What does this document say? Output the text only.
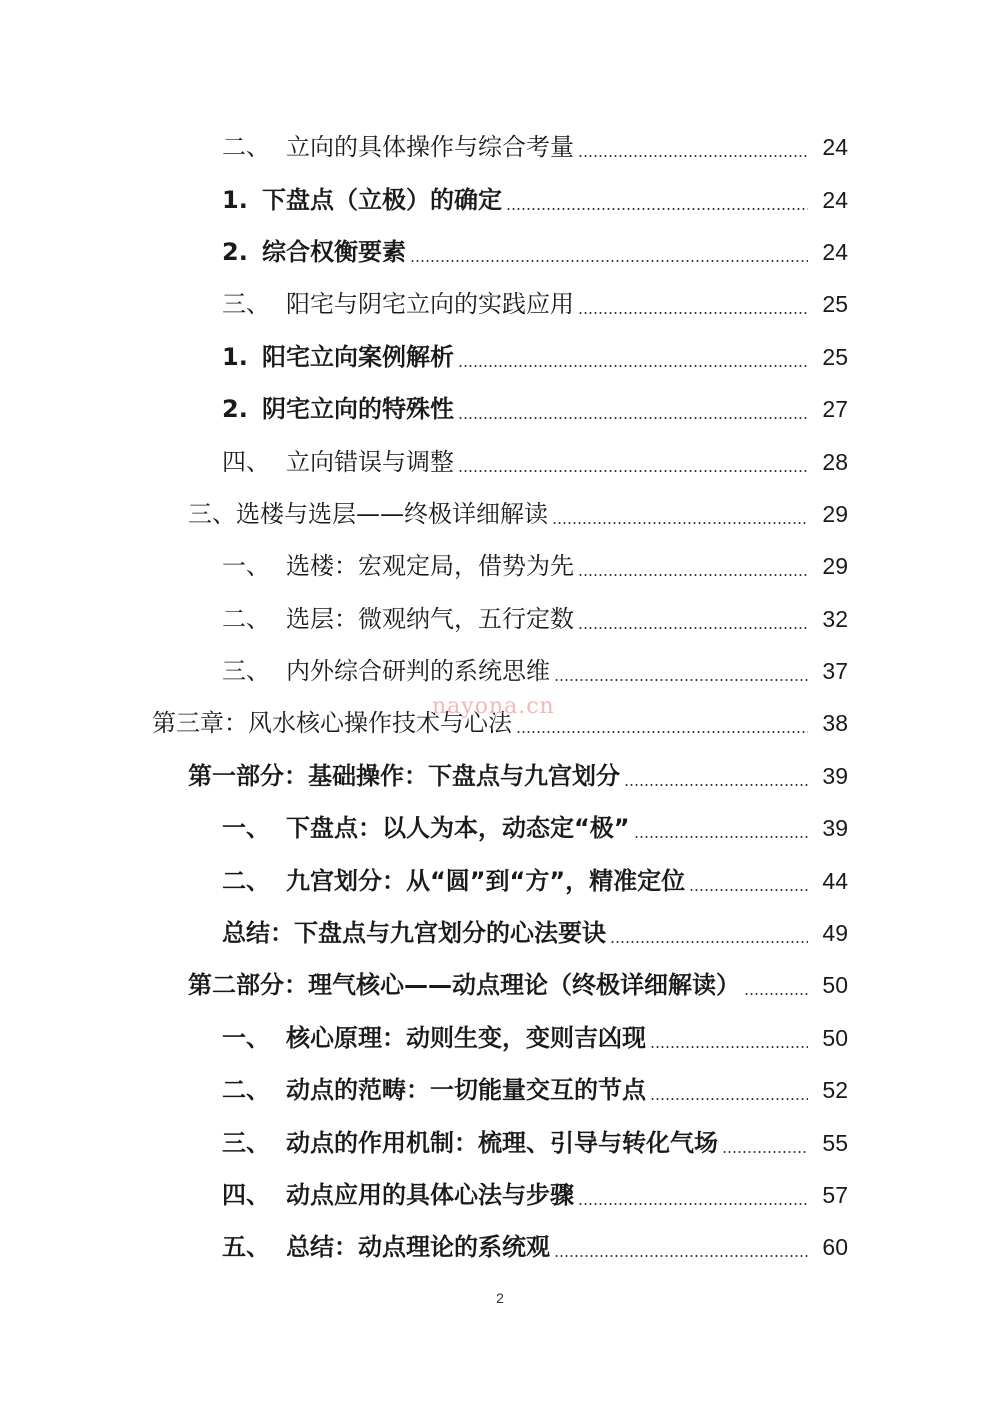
二、 立向的具体操作与综合考量	24
1. 下盘点（立极）的确定	24
2. 综合权衡要素	24
三、 阳宅与阴宅立向的实践应用	25
1. 阳宅立向案例解析	25
2. 阴宅立向的特殊性	27
四、 立向错误与调整	28
三、选楼与选层——终极详细解读	29
一、 选楼：宏观定局，借势为先	29
二、 选层：微观纳气，五行定数	32
三、 内外综合研判的系统思维	37
第三章：风水核心操作技术与心法	38
第一部分：基础操作：下盘点与九宫划分	39
一、 下盘点：以人为本，动态定“极”	39
二、 九宫划分：从“圆”到“方”，精准定位	44
总结：下盘点与九宫划分的心法要诀	49
第二部分：理气核心——动点理论（终极详细解读）	50
一、 核心原理：动则生变，变则吉凶现	50
二、 动点的范畴：一切能量交互的节点	52
三、 动点的作用机制：梳理、引导与转化气场	55
四、 动点应用的具体心法与步骤	57
五、 总结：动点理论的系统观	60
nayona.cn
2
